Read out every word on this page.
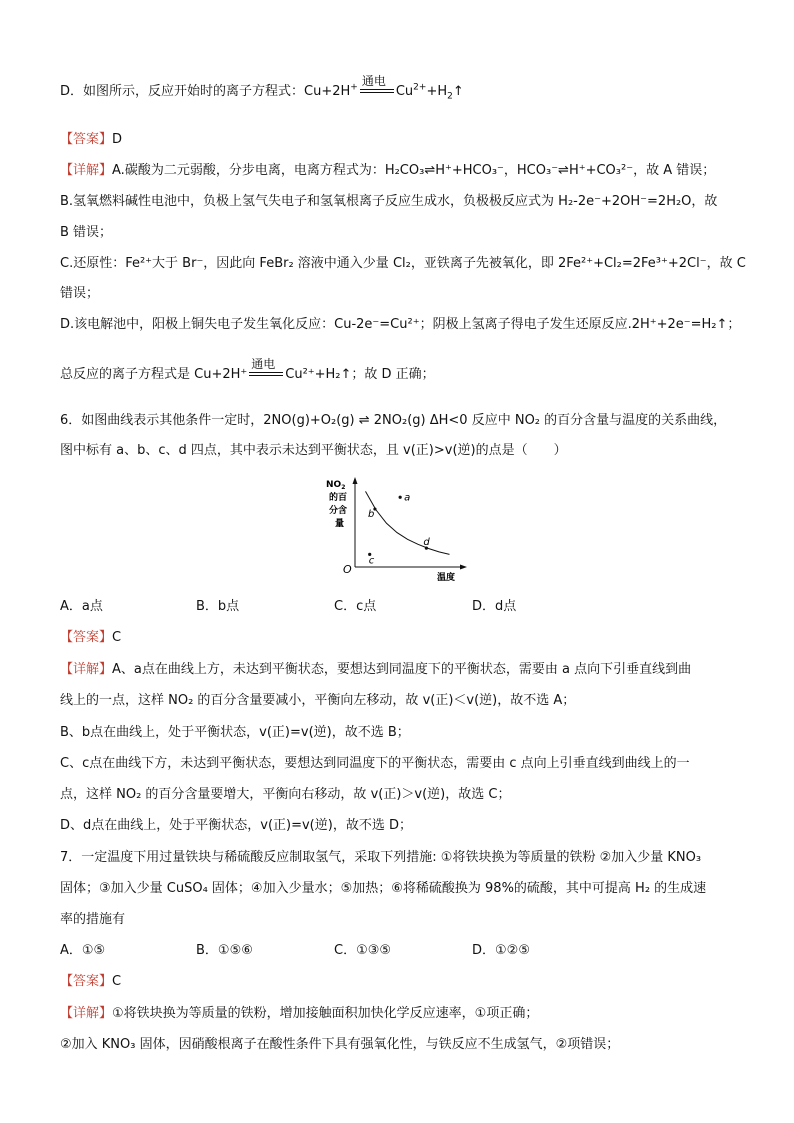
D．如图所示，反应开始时的离子方程式：Cu+2H+
通电
$Cu^{2+}+H_2↑$
【答案】D
【详解】A.碳酸为二元弱酸，分步电离，电离方程式为：H₂CO₃⇌H⁺+HCO₃⁻，HCO₃⁻⇌H⁺+CO₃²⁻，故 A 错误；
B.氢氧燃料碱性电池中，负极上氢气失电子和氢氧根离子反应生成水，负极极反应式为 H₂-2e⁻+2OH⁻=2H₂O，故
B 错误；
C.还原性：Fe²⁺大于 Br⁻，因此向 FeBr₂ 溶液中通入少量 Cl₂，亚铁离子先被氧化，即 2Fe²⁺+Cl₂=2Fe³⁺+2Cl⁻，故 C
错误；
D.该电解池中，阳极上铜失电子发生氧化反应：Cu-2e⁻=Cu²⁺；阴极上氢离子得电子发生还原反应.2H⁺+2e⁻=H₂↑；
总反应的离子方程式是 Cu+2H⁺
通电
Cu²⁺+H₂↑；故 D 正确；
6．如图曲线表示其他条件一定时，2NO(g)+O₂(g) ⇌ 2NO₂(g) ΔH<0 反应中 NO₂ 的百分含量与温度的关系曲线，
图中标有 a、b、c、d 四点，其中表示未达到平衡状态，且 v(正)>v(逆)的点是（　　）
$NO_2$
的百
分含
量
温度
O
a
b
c
d
A．a点	B．b点	C．c点	D．d点
【答案】C
【详解】A、a点在曲线上方，未达到平衡状态，要想达到同温度下的平衡状态，需要由 a 点向下引垂直线到曲
线上的一点，这样 NO₂ 的百分含量要减小，平衡向左移动，故 v(正)＜v(逆)，故不选 A；
B、b点在曲线上，处于平衡状态，v(正)=v(逆)，故不选 B；
C、c点在曲线下方，未达到平衡状态，要想达到同温度下的平衡状态，需要由 c 点向上引垂直线到曲线上的一
点，这样 NO₂ 的百分含量要增大，平衡向右移动，故 v(正)＞v(逆)，故选 C；
D、d点在曲线上，处于平衡状态，v(正)=v(逆)，故不选 D；
7．一定温度下用过量铁块与稀硫酸反应制取氢气，采取下列措施: ①将铁块换为等质量的铁粉 ②加入少量 KNO₃
固体；③加入少量 CuSO₄ 固体；④加入少量水；⑤加热；⑥将稀硫酸换为 98%的硫酸，其中可提高 H₂ 的生成速
率的措施有
A．①⑤	B．①⑤⑥	C．①③⑤	D．①②⑤
【答案】C
【详解】①将铁块换为等质量的铁粉，增加接触面积加快化学反应速率，①项正确；
②加入 KNO₃ 固体，因硝酸根离子在酸性条件下具有强氧化性，与铁反应不生成氢气，②项错误；
